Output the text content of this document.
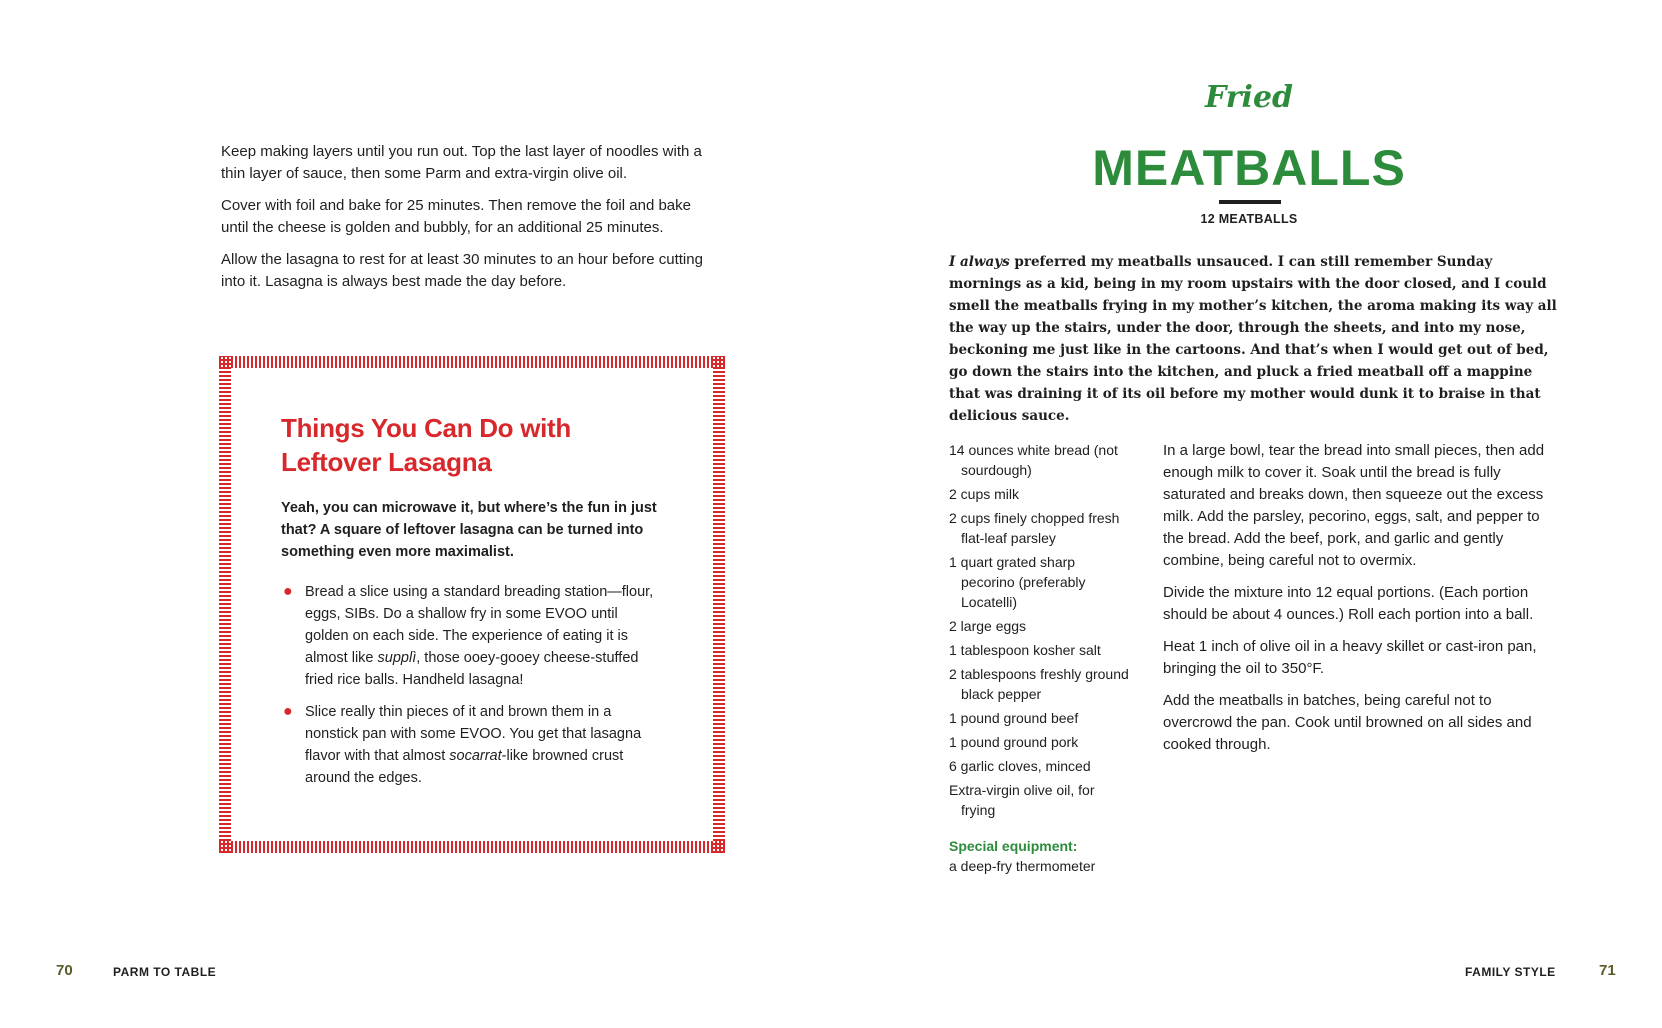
Keep making layers until you run out. Top the last layer of noodles with a thin layer of sauce, then some Parm and extra-virgin olive oil.

Cover with foil and bake for 25 minutes. Then remove the foil and bake until the cheese is golden and bubbly, for an additional 25 minutes.

Allow the lasagna to rest for at least 30 minutes to an hour before cutting into it. Lasagna is always best made the day before.

Things You Can Do with Leftover Lasagna

Yeah, you can microwave it, but where’s the fun in just that? A square of leftover lasagna can be turned into something even more maximalist.

● Bread a slice using a standard breading station—flour, eggs, SIBs. Do a shallow fry in some EVOO until golden on each side. The experience of eating it is almost like supplì, those ooey-gooey cheese-stuffed fried rice balls. Handheld lasagna!
● Slice really thin pieces of it and brown them in a nonstick pan with some EVOO. You get that lasagna flavor with that almost socarrat-like browned crust around the edges.
70	PARM TO TABLE
Fried
MEATBALLS
12 MEATBALLS

I always preferred my meatballs unsauced. I can still remember Sunday mornings as a kid, being in my room upstairs with the door closed, and I could smell the meatballs frying in my mother’s kitchen, the aroma making its way all the way up the stairs, under the door, through the sheets, and into my nose, beckoning me just like in the cartoons. And that’s when I would get out of bed, go down the stairs into the kitchen, and pluck a fried meatball off a mappine that was draining it of its oil before my mother would dunk it to braise in that delicious sauce.

14 ounces white bread (not sourdough)
2 cups milk
2 cups finely chopped fresh flat-leaf parsley
1 quart grated sharp pecorino (preferably Locatelli)
2 large eggs
1 tablespoon kosher salt
2 tablespoons freshly ground black pepper
1 pound ground beef
1 pound ground pork
6 garlic cloves, minced
Extra-virgin olive oil, for frying
Special equipment:
a deep-fry thermometer

In a large bowl, tear the bread into small pieces, then add enough milk to cover it. Soak until the bread is fully saturated and breaks down, then squeeze out the excess milk. Add the parsley, pecorino, eggs, salt, and pepper to the bread. Add the beef, pork, and garlic and gently combine, being careful not to overmix.

Divide the mixture into 12 equal portions. (Each portion should be about 4 ounces.) Roll each portion into a ball.

Heat 1 inch of olive oil in a heavy skillet or cast-iron pan, bringing the oil to 350°F.

Add the meatballs in batches, being careful not to overcrowd the pan. Cook until browned on all sides and cooked through.

FAMILY STYLE	71
